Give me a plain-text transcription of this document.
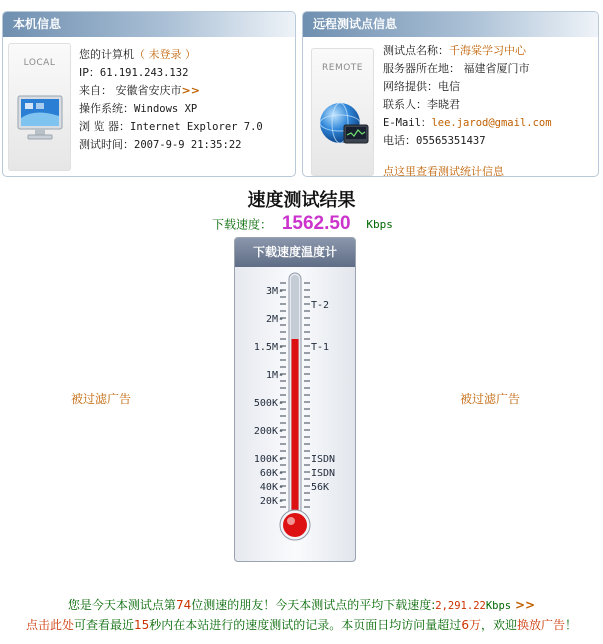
本机信息
LOCAL
您的计算机（ 未登录 ）
IP：61.191.243.132
来自： 安徽省安庆市>>
操作系统：Windows XP
浏 览 器：Internet Explorer 7.0
测试时间：2007-9-9 21:35:22
远程测试点信息
REMOTE
测试点名称：千海棠学习中心
服务器所在地： 福建省厦门市
网络提供：电信
联系人：李晓君
E-Mail：lee.jarod@gmail.com
电话：05565351437
点这里查看测试统计信息
速度测试结果
下载速度： 1562.50 Kbps
下载速度温度计
3M-
2M-
1.5M-
1M-
500K-
200K-
100K-
60K-
40K-
20K-
T-2
T-1
ISDN
ISDN
56K
被过滤广告	被过滤广告
您是今天本测试点第74位测速的朋友！今天本测试点的平均下载速度:2,291.22Kbps >>
点击此处可查看最近15秒内在本站进行的速度测试的记录。本页面日均访问量超过6万，欢迎换放广告！
